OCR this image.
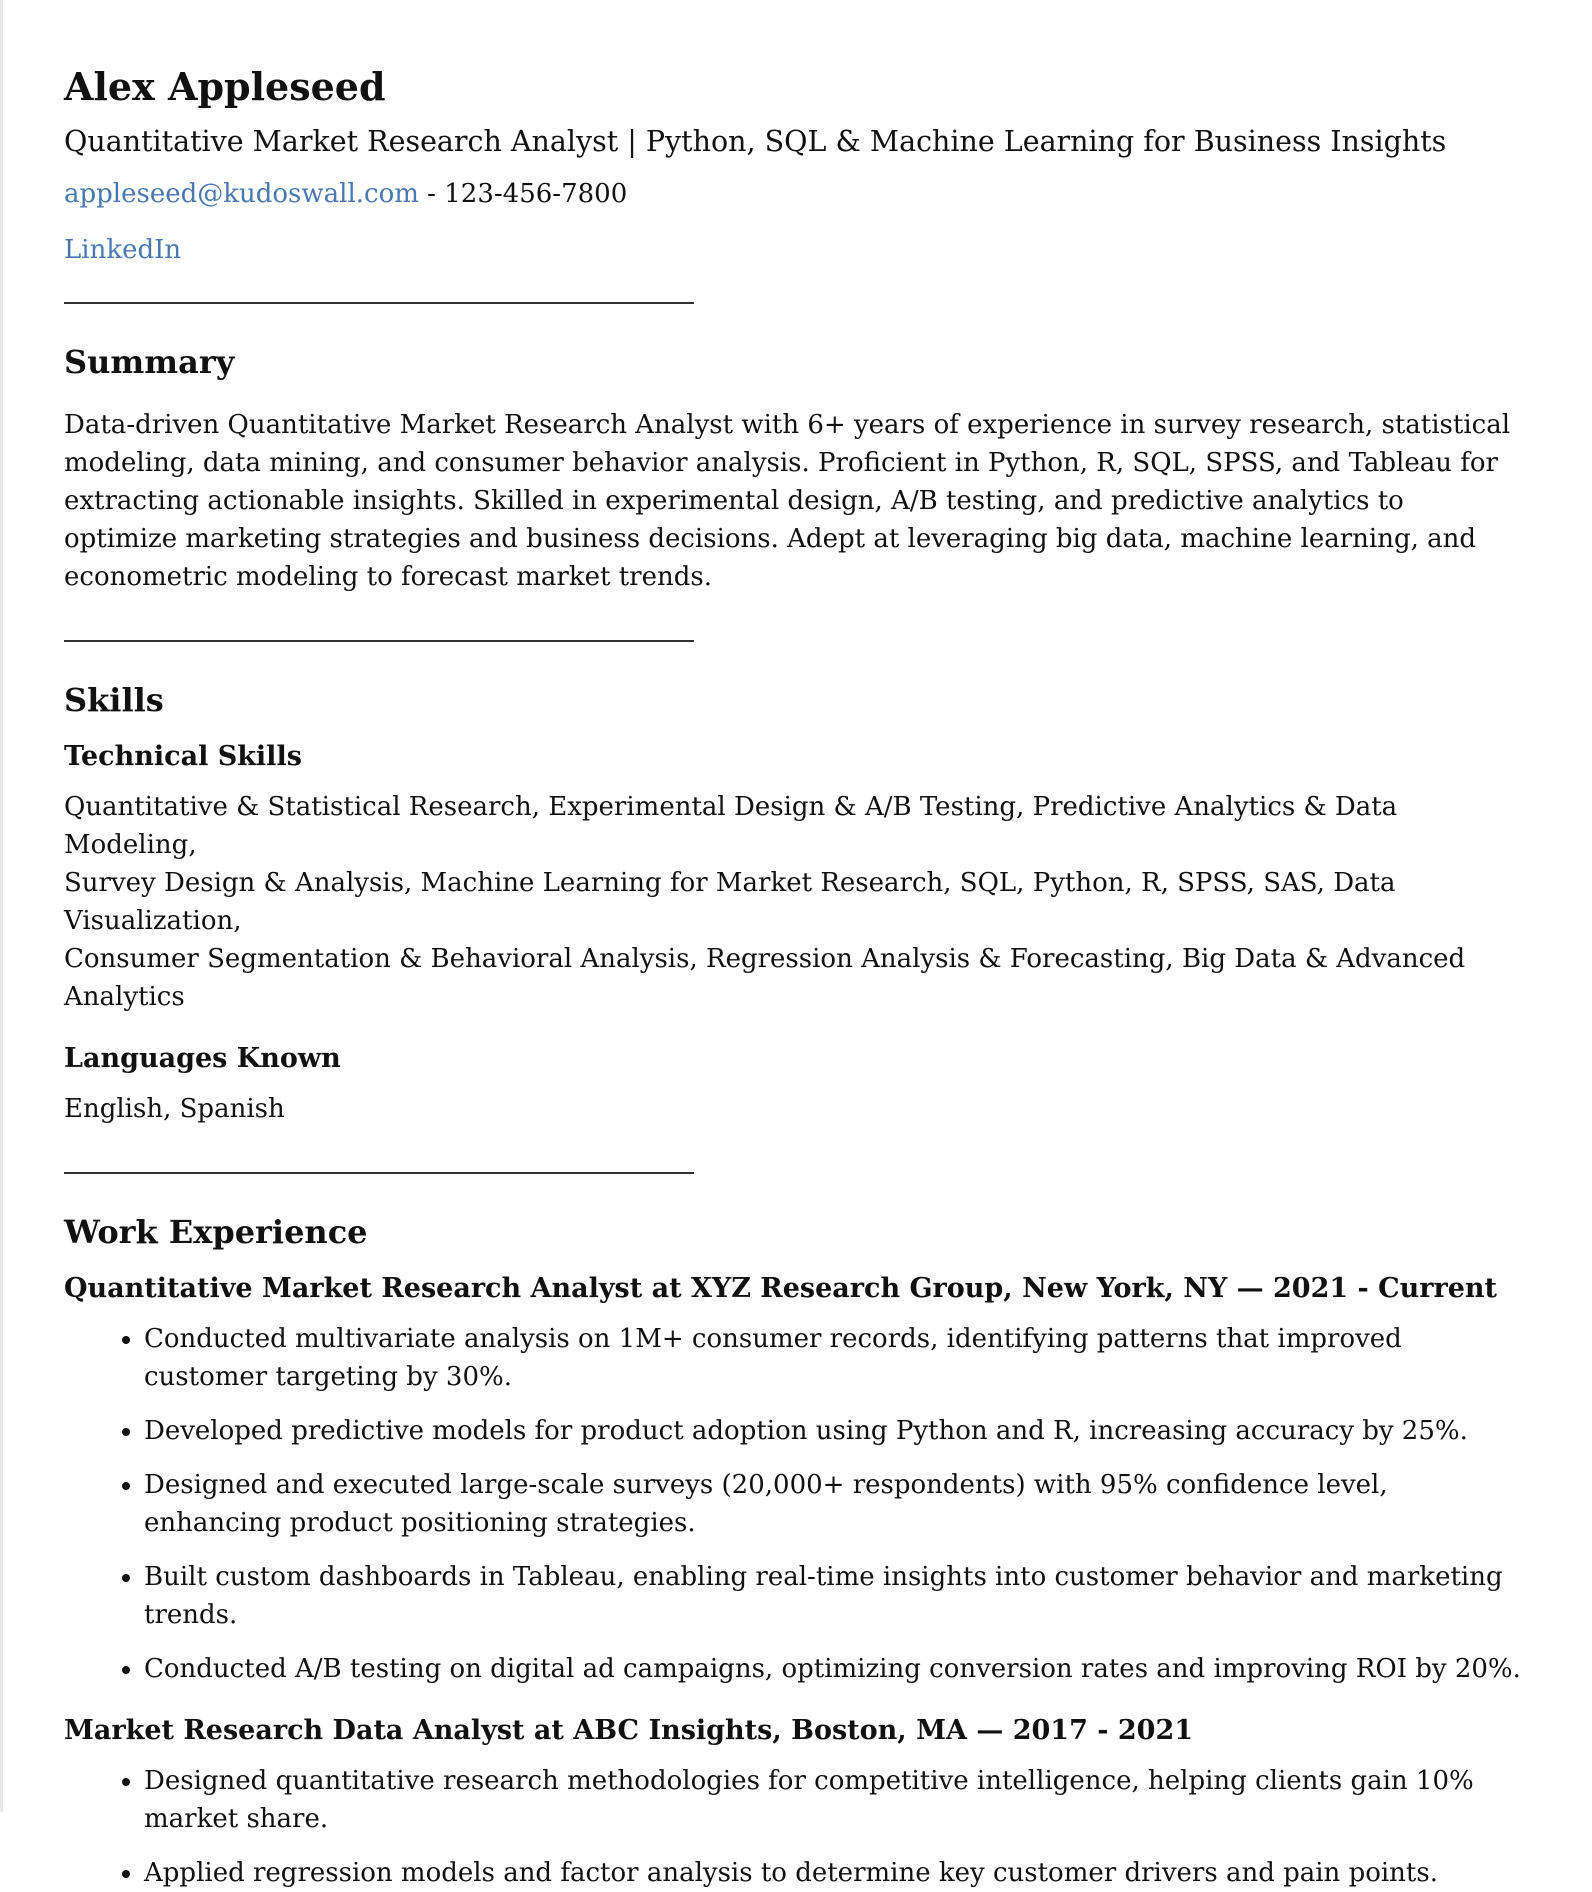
Alex Appleseed
Quantitative Market Research Analyst | Python, SQL & Machine Learning for Business Insights
appleseed@kudoswall.com - 123-456-7800
LinkedIn
Summary
Data-driven Quantitative Market Research Analyst with 6+ years of experience in survey research, statistical modeling, data mining, and consumer behavior analysis. Proficient in Python, R, SQL, SPSS, and Tableau for extracting actionable insights. Skilled in experimental design, A/B testing, and predictive analytics to optimize marketing strategies and business decisions. Adept at leveraging big data, machine learning, and econometric modeling to forecast market trends.
Skills
Technical Skills
Quantitative & Statistical Research, Experimental Design & A/B Testing, Predictive Analytics & Data Modeling,
Survey Design & Analysis, Machine Learning for Market Research, SQL, Python, R, SPSS, SAS, Data Visualization,
Consumer Segmentation & Behavioral Analysis, Regression Analysis & Forecasting, Big Data & Advanced Analytics
Languages Known
English, Spanish
Work Experience
Quantitative Market Research Analyst at XYZ Research Group, New York, NY — 2021 - Current
• Conducted multivariate analysis on 1M+ consumer records, identifying patterns that improved customer targeting by 30%.
• Developed predictive models for product adoption using Python and R, increasing accuracy by 25%.
• Designed and executed large-scale surveys (20,000+ respondents) with 95% confidence level, enhancing product positioning strategies.
• Built custom dashboards in Tableau, enabling real-time insights into customer behavior and marketing trends.
• Conducted A/B testing on digital ad campaigns, optimizing conversion rates and improving ROI by 20%.
Market Research Data Analyst at ABC Insights, Boston, MA — 2017 - 2021
• Designed quantitative research methodologies for competitive intelligence, helping clients gain 10% market share.
• Applied regression models and factor analysis to determine key customer drivers and pain points.
